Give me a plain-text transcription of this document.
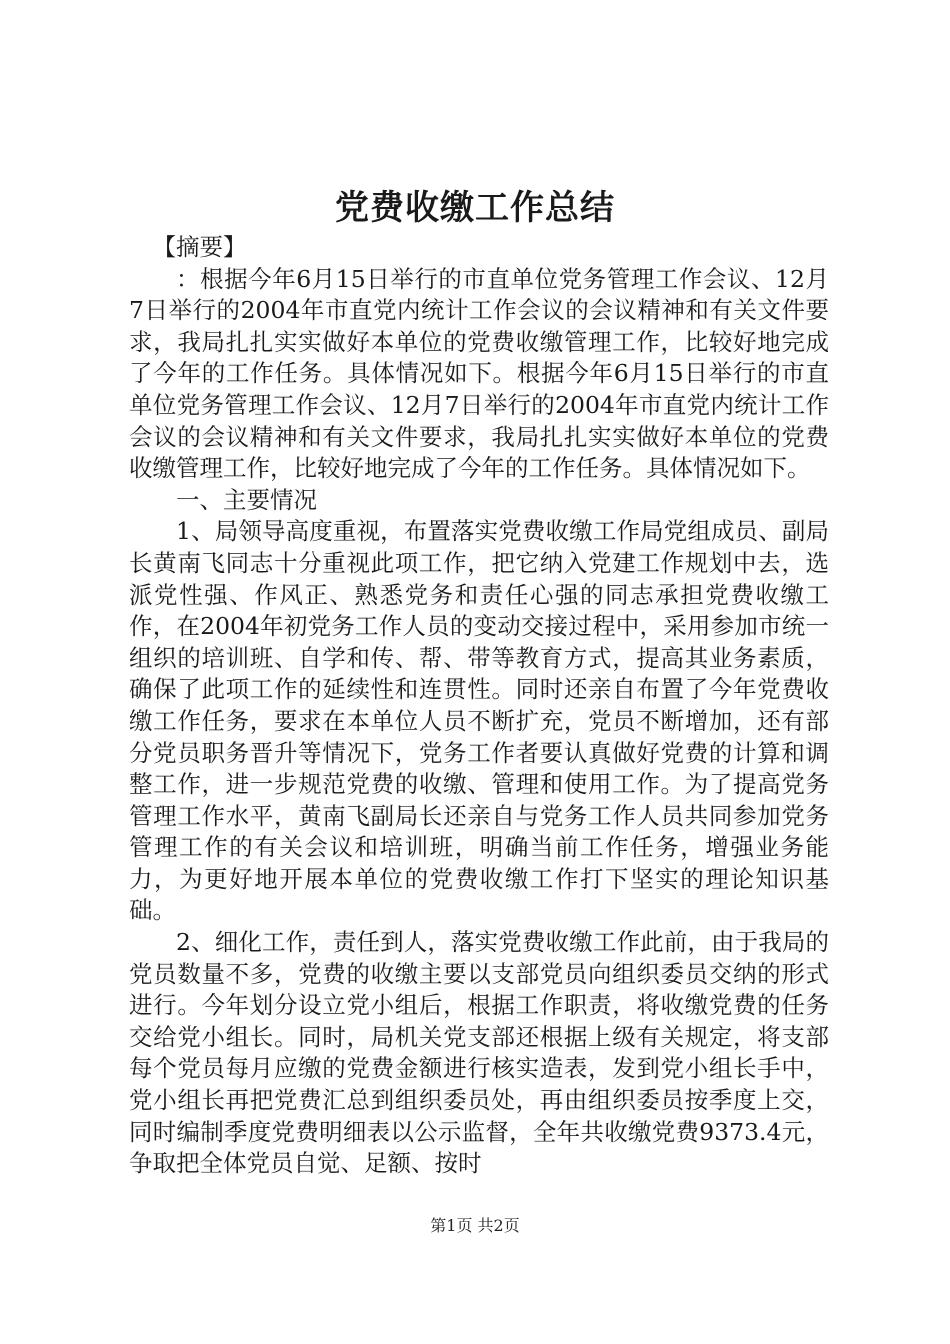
党费收缴工作总结

【摘要】

：根据今年6月15日举行的市直单位党务管理工作会议、12月7日举行的2004年市直党内统计工作会议的会议精神和有关文件要求，我局扎扎实实做好本单位的党费收缴管理工作，比较好地完成了今年的工作任务。具体情况如下。根据今年6月15日举行的市直单位党务管理工作会议、12月7日举行的2004年市直党内统计工作会议的会议精神和有关文件要求，我局扎扎实实做好本单位的党费收缴管理工作，比较好地完成了今年的工作任务。具体情况如下。

一、主要情况

1、局领导高度重视，布置落实党费收缴工作局党组成员、副局长黄南飞同志十分重视此项工作，把它纳入党建工作规划中去，选派党性强、作风正、熟悉党务和责任心强的同志承担党费收缴工作，在2004年初党务工作人员的变动交接过程中，采用参加市统一组织的培训班、自学和传、帮、带等教育方式，提高其业务素质，确保了此项工作的延续性和连贯性。同时还亲自布置了今年党费收缴工作任务，要求在本单位人员不断扩充，党员不断增加，还有部分党员职务晋升等情况下，党务工作者要认真做好党费的计算和调整工作，进一步规范党费的收缴、管理和使用工作。为了提高党务管理工作水平，黄南飞副局长还亲自与党务工作人员共同参加党务管理工作的有关会议和培训班，明确当前工作任务，增强业务能力，为更好地开展本单位的党费收缴工作打下坚实的理论知识基础。

2、细化工作，责任到人，落实党费收缴工作此前，由于我局的党员数量不多，党费的收缴主要以支部党员向组织委员交纳的形式进行。今年划分设立党小组后，根据工作职责，将收缴党费的任务交给党小组长。同时，局机关党支部还根据上级有关规定，将支部每个党员每月应缴的党费金额进行核实造表，发到党小组长手中，党小组长再把党费汇总到组织委员处，再由组织委员按季度上交，同时编制季度党费明细表以公示监督，全年共收缴党费9373.4元，争取把全体党员自觉、足额、按时

第1页 共2页
